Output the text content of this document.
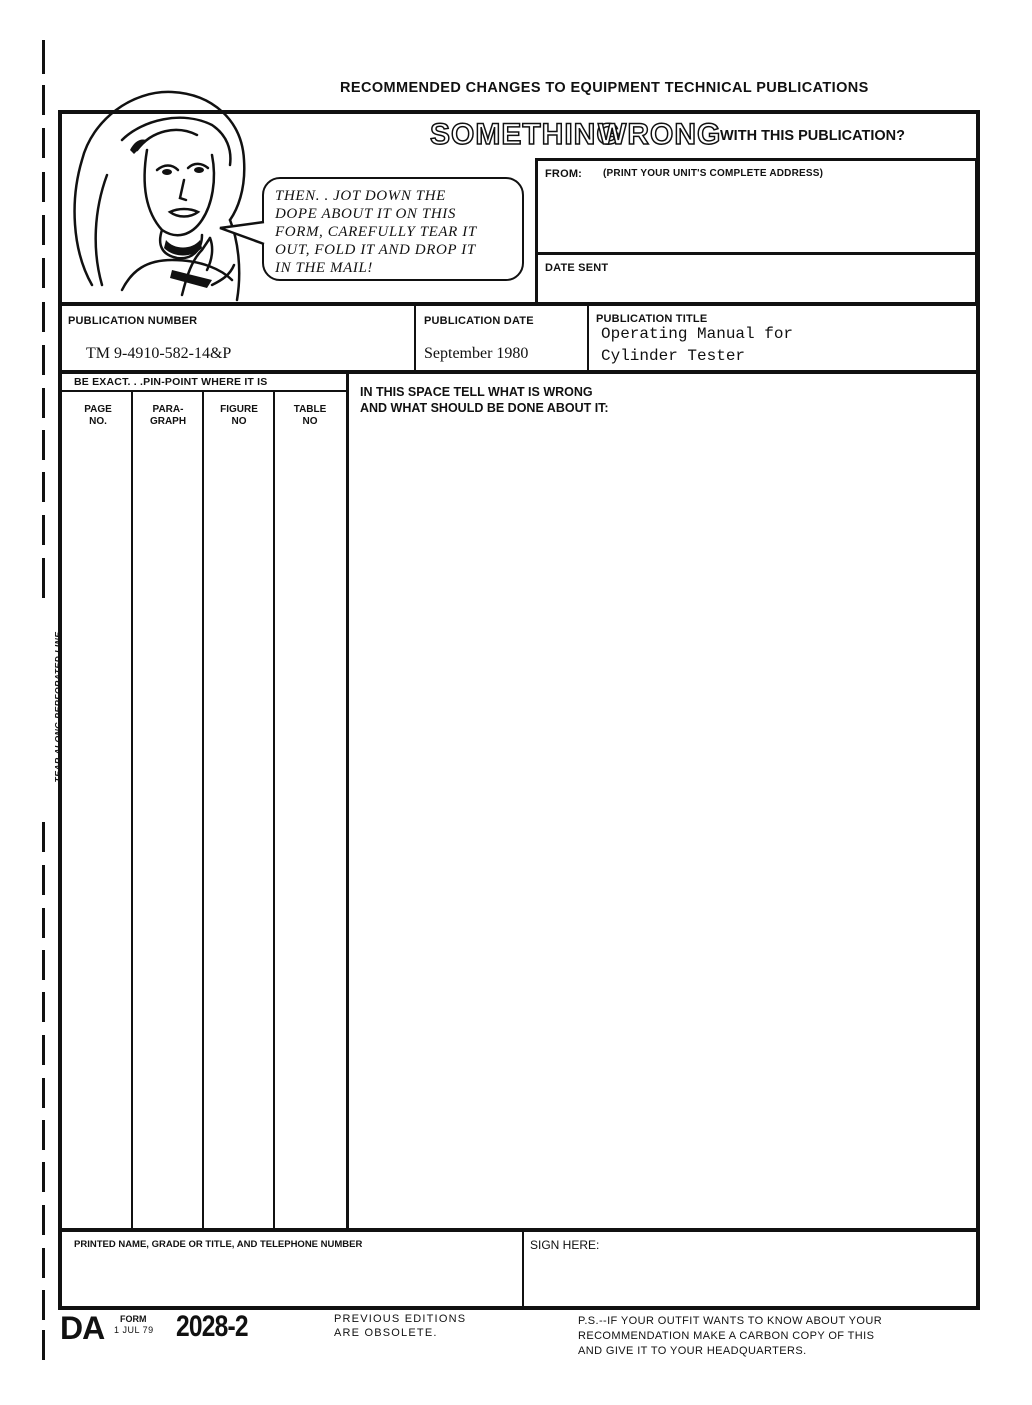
TEAR ALONG PERFORATED LINE
RECOMMENDED CHANGES TO EQUIPMENT TECHNICAL PUBLICATIONS
THEN. . JOT DOWN THE
DOPE ABOUT IT ON THIS
FORM, CAREFULLY TEAR IT
OUT, FOLD IT AND DROP IT
IN THE MAIL!
SOMETHING
WRONG
WITH THIS PUBLICATION?
FROM: (PRINT YOUR UNIT'S COMPLETE ADDRESS)
DATE SENT
PUBLICATION NUMBER
TM 9-4910-582-14&P
PUBLICATION DATE
September 1980
PUBLICATION TITLE
Operating Manual for
Cylinder Tester
BE EXACT. . .PIN-POINT WHERE IT IS
PAGE
NO.
PARA-
GRAPH
FIGURE
NO
TABLE
NO
IN THIS SPACE TELL WHAT IS WRONG
AND WHAT SHOULD BE DONE ABOUT IT:
PRINTED NAME, GRADE OR TITLE, AND TELEPHONE NUMBER	SIGN HERE:
DA FORM
1 JUL 79 2028-2	PREVIOUS EDITIONS
ARE OBSOLETE.
P.S.--IF YOUR OUTFIT WANTS TO KNOW ABOUT YOUR
RECOMMENDATION MAKE A CARBON COPY OF THIS
AND GIVE IT TO YOUR HEADQUARTERS.
